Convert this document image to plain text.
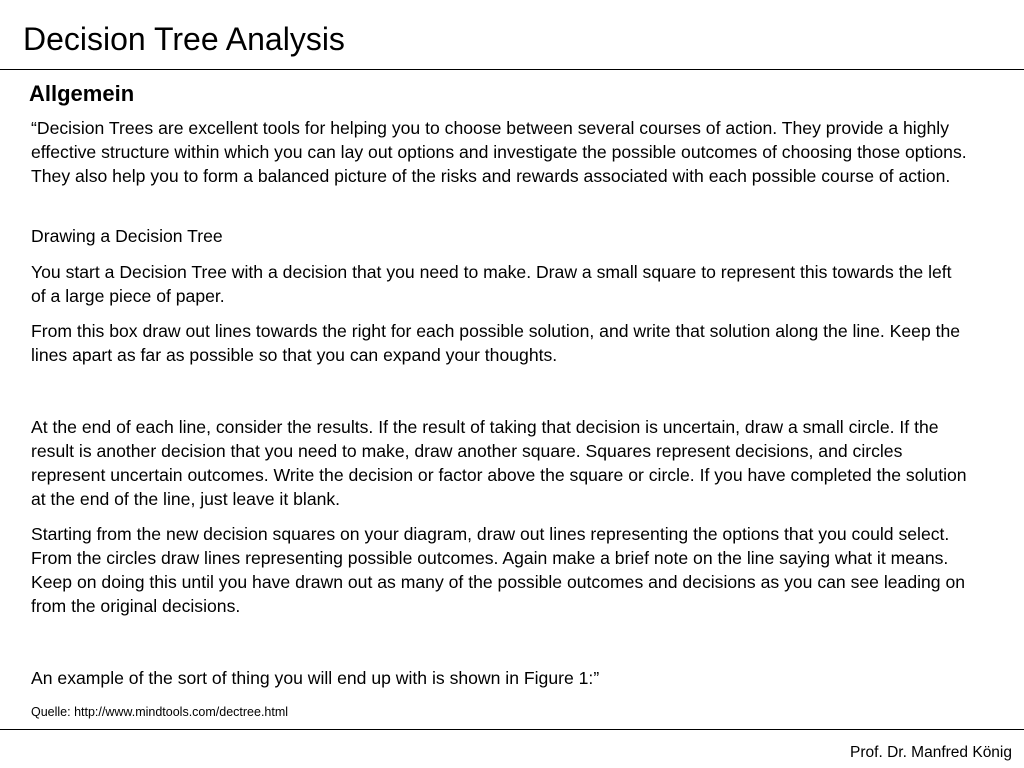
Decision Tree Analysis
Allgemein
“Decision Trees are excellent tools for helping you to choose between several courses of action. They provide a highly effective structure within which you can lay out options and investigate the possible outcomes of choosing those options. They also help you to form a balanced picture of the risks and rewards associated with each possible course of action.
Drawing a Decision Tree
You start a Decision Tree with a decision that you need to make. Draw a small square to represent this towards the left of a large piece of paper.
From this box draw out lines towards the right for each possible solution, and write that solution along the line. Keep the lines apart as far as possible so that you can expand your thoughts.
At the end of each line, consider the results. If the result of taking that decision is uncertain, draw a small circle. If the result is another decision that you need to make, draw another square. Squares represent decisions, and circles represent uncertain outcomes. Write the decision or factor above the square or circle. If you have completed the solution at the end of the line, just leave it blank.
Starting from the new decision squares on your diagram, draw out lines representing the options that you could select. From the circles draw lines representing possible outcomes. Again make a brief note on the line saying what it means. Keep on doing this until you have drawn out as many of the possible outcomes and decisions as you can see leading on from the original decisions.
An example of the sort of thing you will end up with is shown in Figure 1:”
Quelle: http://www.mindtools.com/dectree.html
Prof. Dr. Manfred König
